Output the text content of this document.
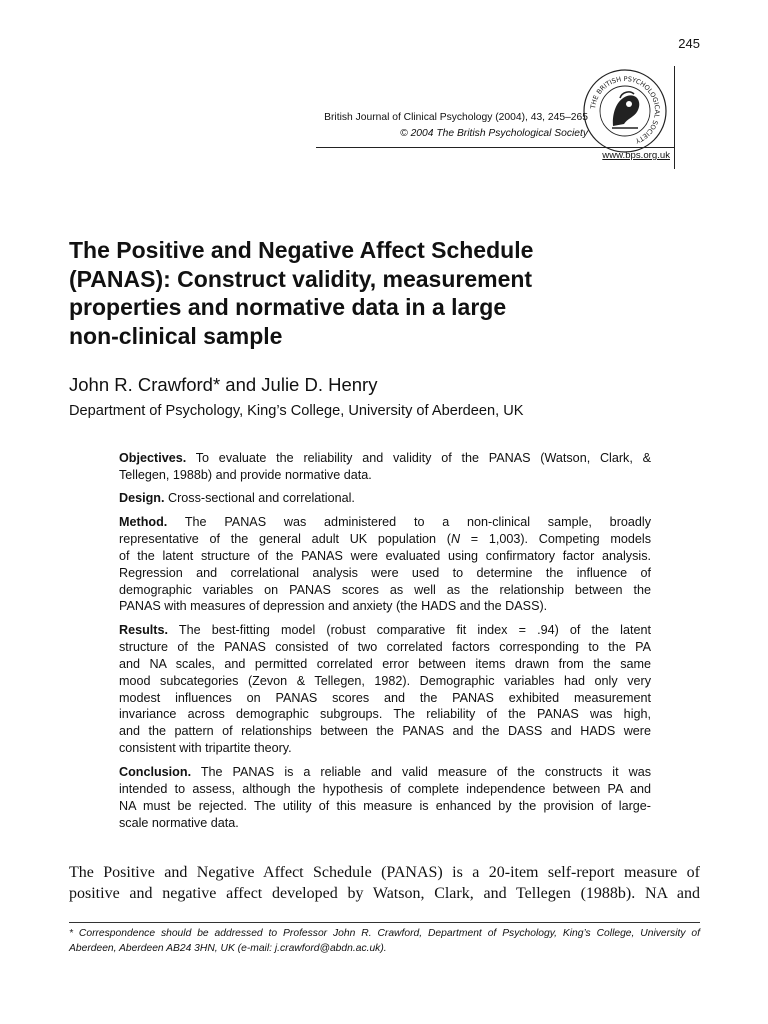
245
THE BRITISH PSYCHOLOGICAL SOCIETY
British Journal of Clinical Psychology (2004), 43, 245–265
© 2004 The British Psychological Society
www.bps.org.uk
The Positive and Negative Affect Schedule
(PANAS): Construct validity, measurement
properties and normative data in a large
non-clinical sample
John R. Crawford* and Julie D. Henry
Department of Psychology, King’s College, University of Aberdeen, UK
Objectives. To evaluate the reliability and validity of the PANAS (Watson, Clark, &
Tellegen, 1988b) and provide normative data.
Design. Cross-sectional and correlational.
Method. The PANAS was administered to a non-clinical sample, broadly
representative of the general adult UK population (N = 1,003). Competing models
of the latent structure of the PANAS were evaluated using confirmatory factor analysis.
Regression and correlational analysis were used to determine the influence of
demographic variables on PANAS scores as well as the relationship between the
PANAS with measures of depression and anxiety (the HADS and the DASS).
Results. The best-fitting model (robust comparative fit index = .94) of the latent
structure of the PANAS consisted of two correlated factors corresponding to the PA
and NA scales, and permitted correlated error between items drawn from the same
mood subcategories (Zevon & Tellegen, 1982). Demographic variables had only very
modest influences on PANAS scores and the PANAS exhibited measurement
invariance across demographic subgroups. The reliability of the PANAS was high,
and the pattern of relationships between the PANAS and the DASS and HADS were
consistent with tripartite theory.
Conclusion. The PANAS is a reliable and valid measure of the constructs it was
intended to assess, although the hypothesis of complete independence between PA and
NA must be rejected. The utility of this measure is enhanced by the provision of large-
scale normative data.
The Positive and Negative Affect Schedule (PANAS) is a 20-item self-report measure of
positive and negative affect developed by Watson, Clark, and Tellegen (1988b). NA and
* Correspondence should be addressed to Professor John R. Crawford, Department of Psychology, King’s College, University of
Aberdeen, Aberdeen AB24 3HN, UK (e-mail: j.crawford@abdn.ac.uk).
